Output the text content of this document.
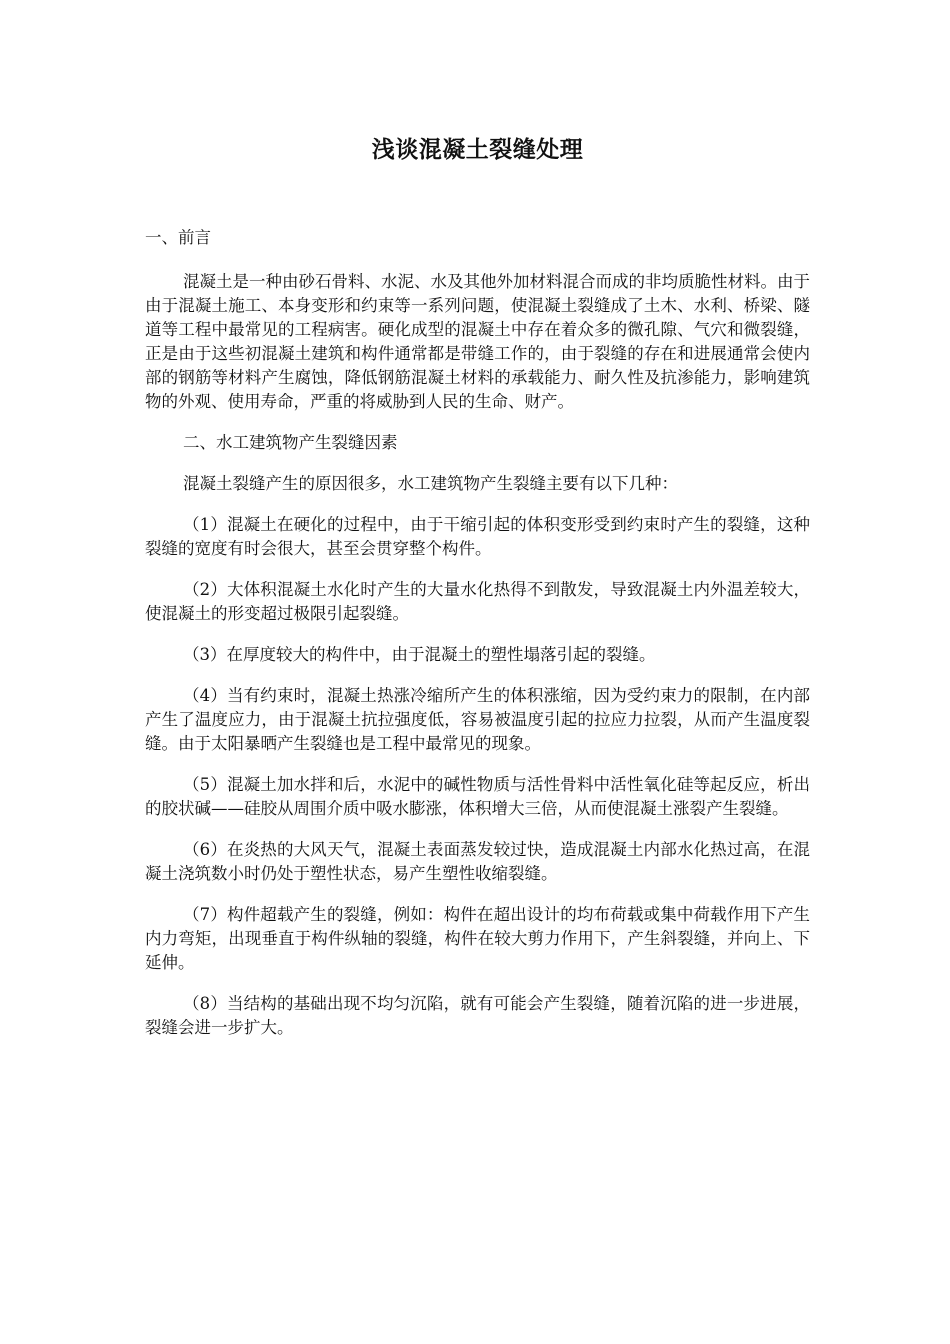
浅谈混凝土裂缝处理
一、前言

混凝土是一种由砂石骨料、水泥、水及其他外加材料混合而成的非均质脆性材料。由于由于混凝土施工、本身变形和约束等一系列问题，使混凝土裂缝成了土木、水利、桥梁、隧道等工程中最常见的工程病害。硬化成型的混凝土中存在着众多的微孔隙、气穴和微裂缝，正是由于这些初混凝土建筑和构件通常都是带缝工作的，由于裂缝的存在和进展通常会使内部的钢筋等材料产生腐蚀，降低钢筋混凝土材料的承载能力、耐久性及抗渗能力，影响建筑物的外观、使用寿命，严重的将威胁到人民的生命、财产。

二、水工建筑物产生裂缝因素

混凝土裂缝产生的原因很多，水工建筑物产生裂缝主要有以下几种：

（1）混凝土在硬化的过程中，由于干缩引起的体积变形受到约束时产生的裂缝，这种裂缝的宽度有时会很大，甚至会贯穿整个构件。

（2）大体积混凝土水化时产生的大量水化热得不到散发，导致混凝土内外温差较大，使混凝土的形变超过极限引起裂缝。

（3）在厚度较大的构件中，由于混凝土的塑性塌落引起的裂缝。

（4）当有约束时，混凝土热涨冷缩所产生的体积涨缩，因为受约束力的限制，在内部产生了温度应力，由于混凝土抗拉强度低，容易被温度引起的拉应力拉裂，从而产生温度裂缝。由于太阳暴晒产生裂缝也是工程中最常见的现象。

（5）混凝土加水拌和后，水泥中的碱性物质与活性骨料中活性氧化硅等起反应，析出的胶状碱——硅胶从周围介质中吸水膨涨，体积增大三倍，从而使混凝土涨裂产生裂缝。

（6）在炎热的大风天气，混凝土表面蒸发较过快，造成混凝土内部水化热过高，在混凝土浇筑数小时仍处于塑性状态，易产生塑性收缩裂缝。

（7）构件超载产生的裂缝，例如：构件在超出设计的均布荷载或集中荷载作用下产生内力弯矩，出现垂直于构件纵轴的裂缝，构件在较大剪力作用下，产生斜裂缝，并向上、下延伸。

（8）当结构的基础出现不均匀沉陷，就有可能会产生裂缝，随着沉陷的进一步进展，裂缝会进一步扩大。
